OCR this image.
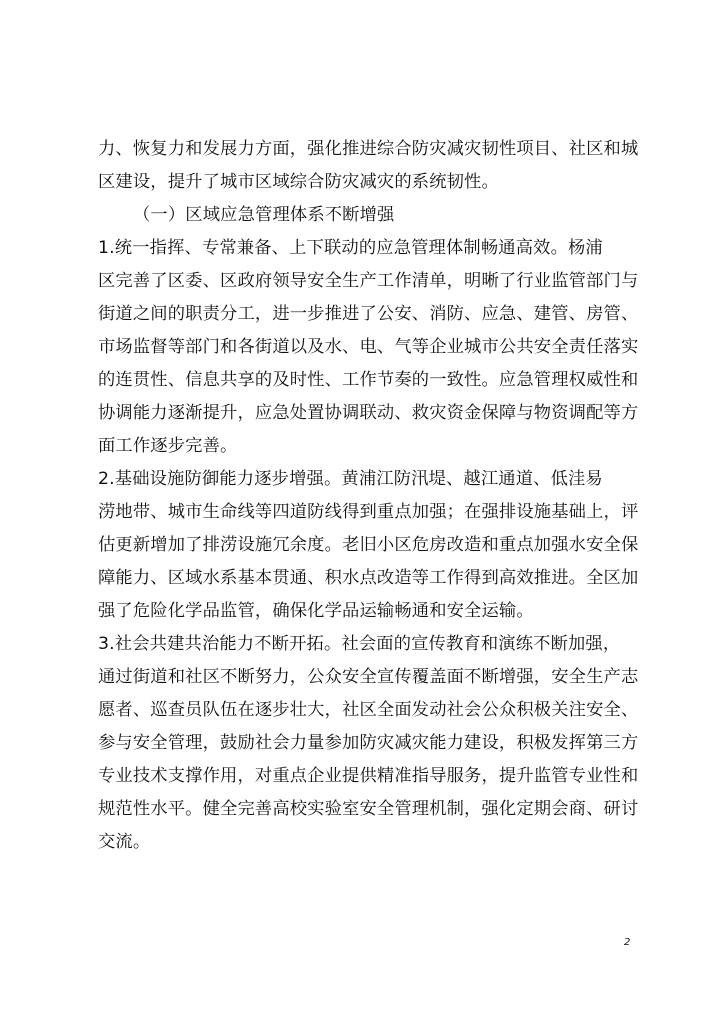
力、恢复力和发展力方面，强化推进综合防灾减灾韧性项目、社区和城
区建设，提升了城市区域综合防灾减灾的系统韧性。
（一）区域应急管理体系不断增强
1.统一指挥、专常兼备、上下联动的应急管理体制畅通高效。杨浦
区完善了区委、区政府领导安全生产工作清单，明晰了行业监管部门与
街道之间的职责分工，进一步推进了公安、消防、应急、建管、房管、
市场监督等部门和各街道以及水、电、气等企业城市公共安全责任落实
的连贯性、信息共享的及时性、工作节奏的一致性。应急管理权威性和
协调能力逐渐提升，应急处置协调联动、救灾资金保障与物资调配等方
面工作逐步完善。
2.基础设施防御能力逐步增强。黄浦江防汛堤、越江通道、低洼易
涝地带、城市生命线等四道防线得到重点加强；在强排设施基础上，评
估更新增加了排涝设施冗余度。老旧小区危房改造和重点加强水安全保
障能力、区域水系基本贯通、积水点改造等工作得到高效推进。全区加
强了危险化学品监管，确保化学品运输畅通和安全运输。
3.社会共建共治能力不断开拓。社会面的宣传教育和演练不断加强，
通过街道和社区不断努力，公众安全宣传覆盖面不断增强，安全生产志
愿者、巡查员队伍在逐步壮大，社区全面发动社会公众积极关注安全、
参与安全管理，鼓励社会力量参加防灾减灾能力建设，积极发挥第三方
专业技术支撑作用，对重点企业提供精准指导服务，提升监管专业性和
规范性水平。健全完善高校实验室安全管理机制，强化定期会商、研讨
交流。
2
